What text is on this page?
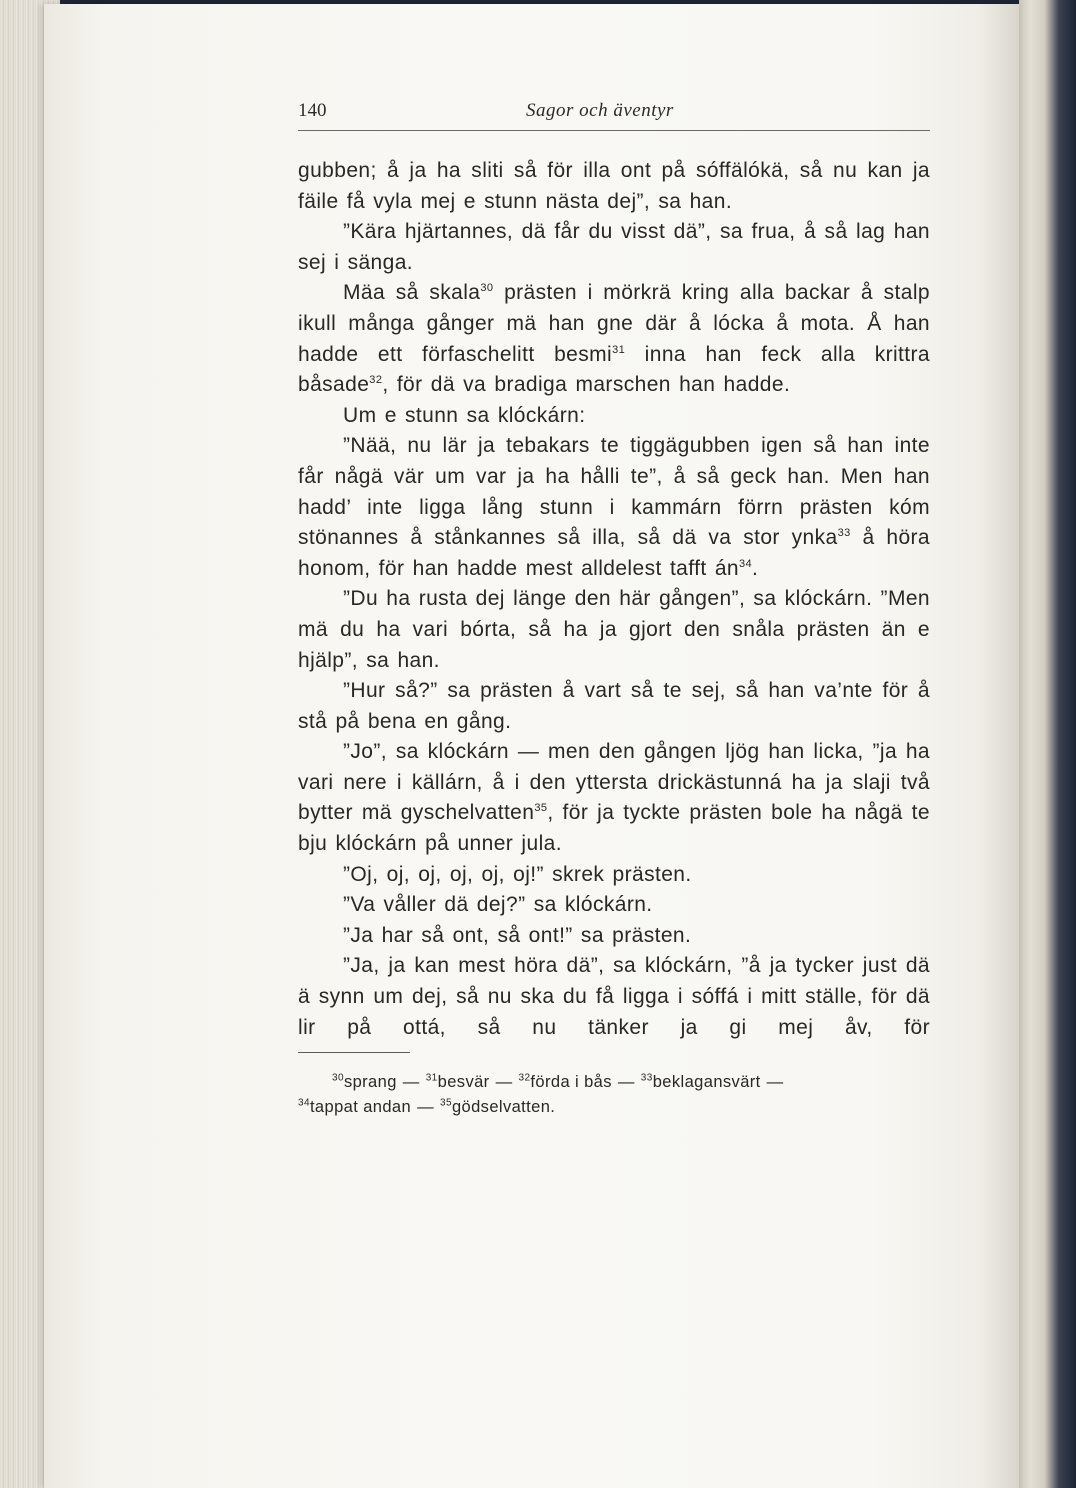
140	Sagor och äventyr

gubben; å ja ha sliti så för illa ont på sóffälókä, så nu kan ja fäile få vyla mej e stunn nästa dej”, sa han.

”Kära hjärtannes, dä får du visst dä”, sa frua, å så lag han sej i sänga.

Mäa så skala$^{30}$ prästen i mörkrä kring alla backar å stalp ikull många gånger mä han gne där å lócka å mota. Å han hadde ett förfaschelitt besmi$^{31}$ inna han feck alla krittra båsade$^{32}$, för dä va bradiga marschen han hadde.

Um e stunn sa klóckárn:

”Nää, nu lär ja tebakars te tiggägubben igen så han inte får någä vär um var ja ha hålli te”, å så geck han. Men han hadd’ inte ligga lång stunn i kammárn förrn prästen kóm stönannes å stånkannes så illa, så dä va stor ynka$^{33}$ å höra honom, för han hadde mest alldelest tafft $án^{34}$.

”Du ha rusta dej länge den här gången”, sa klóckárn. ”Men mä du ha vari bórta, så ha ja gjort den snåla prästen än e hjälp”, sa han.

”Hur så?” sa prästen å vart så te sej, så han va’nte för å stå på bena en gång.

”Jo”, sa klóckárn — men den gången ljög han licka, ”ja ha vari nere i källárn, å i den yttersta drickästunná ha ja slaji två bytter mä gyschelvatten$^{35}$, för ja tyckte prästen bole ha någä te bju klóckárn på unner jula.

”Oj, oj, oj, oj, oj, oj!” skrek prästen.

”Va våller dä dej?” sa klóckárn.

”Ja har så ont, så ont!” sa prästen.

”Ja, ja kan mest höra dä”, sa klóckárn, ”å ja tycker just dä ä synn um dej, så nu ska du få ligga i sóffá i mitt ställe, för dä lir på ottá, så nu tänker ja gi mej åv, för

$^{30}$sprang — $^{31}$besvär — $^{32}$förda i bås — $^{33}$beklagansvärt —
$^{34}$tappat andan — $^{35}$gödselvatten.
